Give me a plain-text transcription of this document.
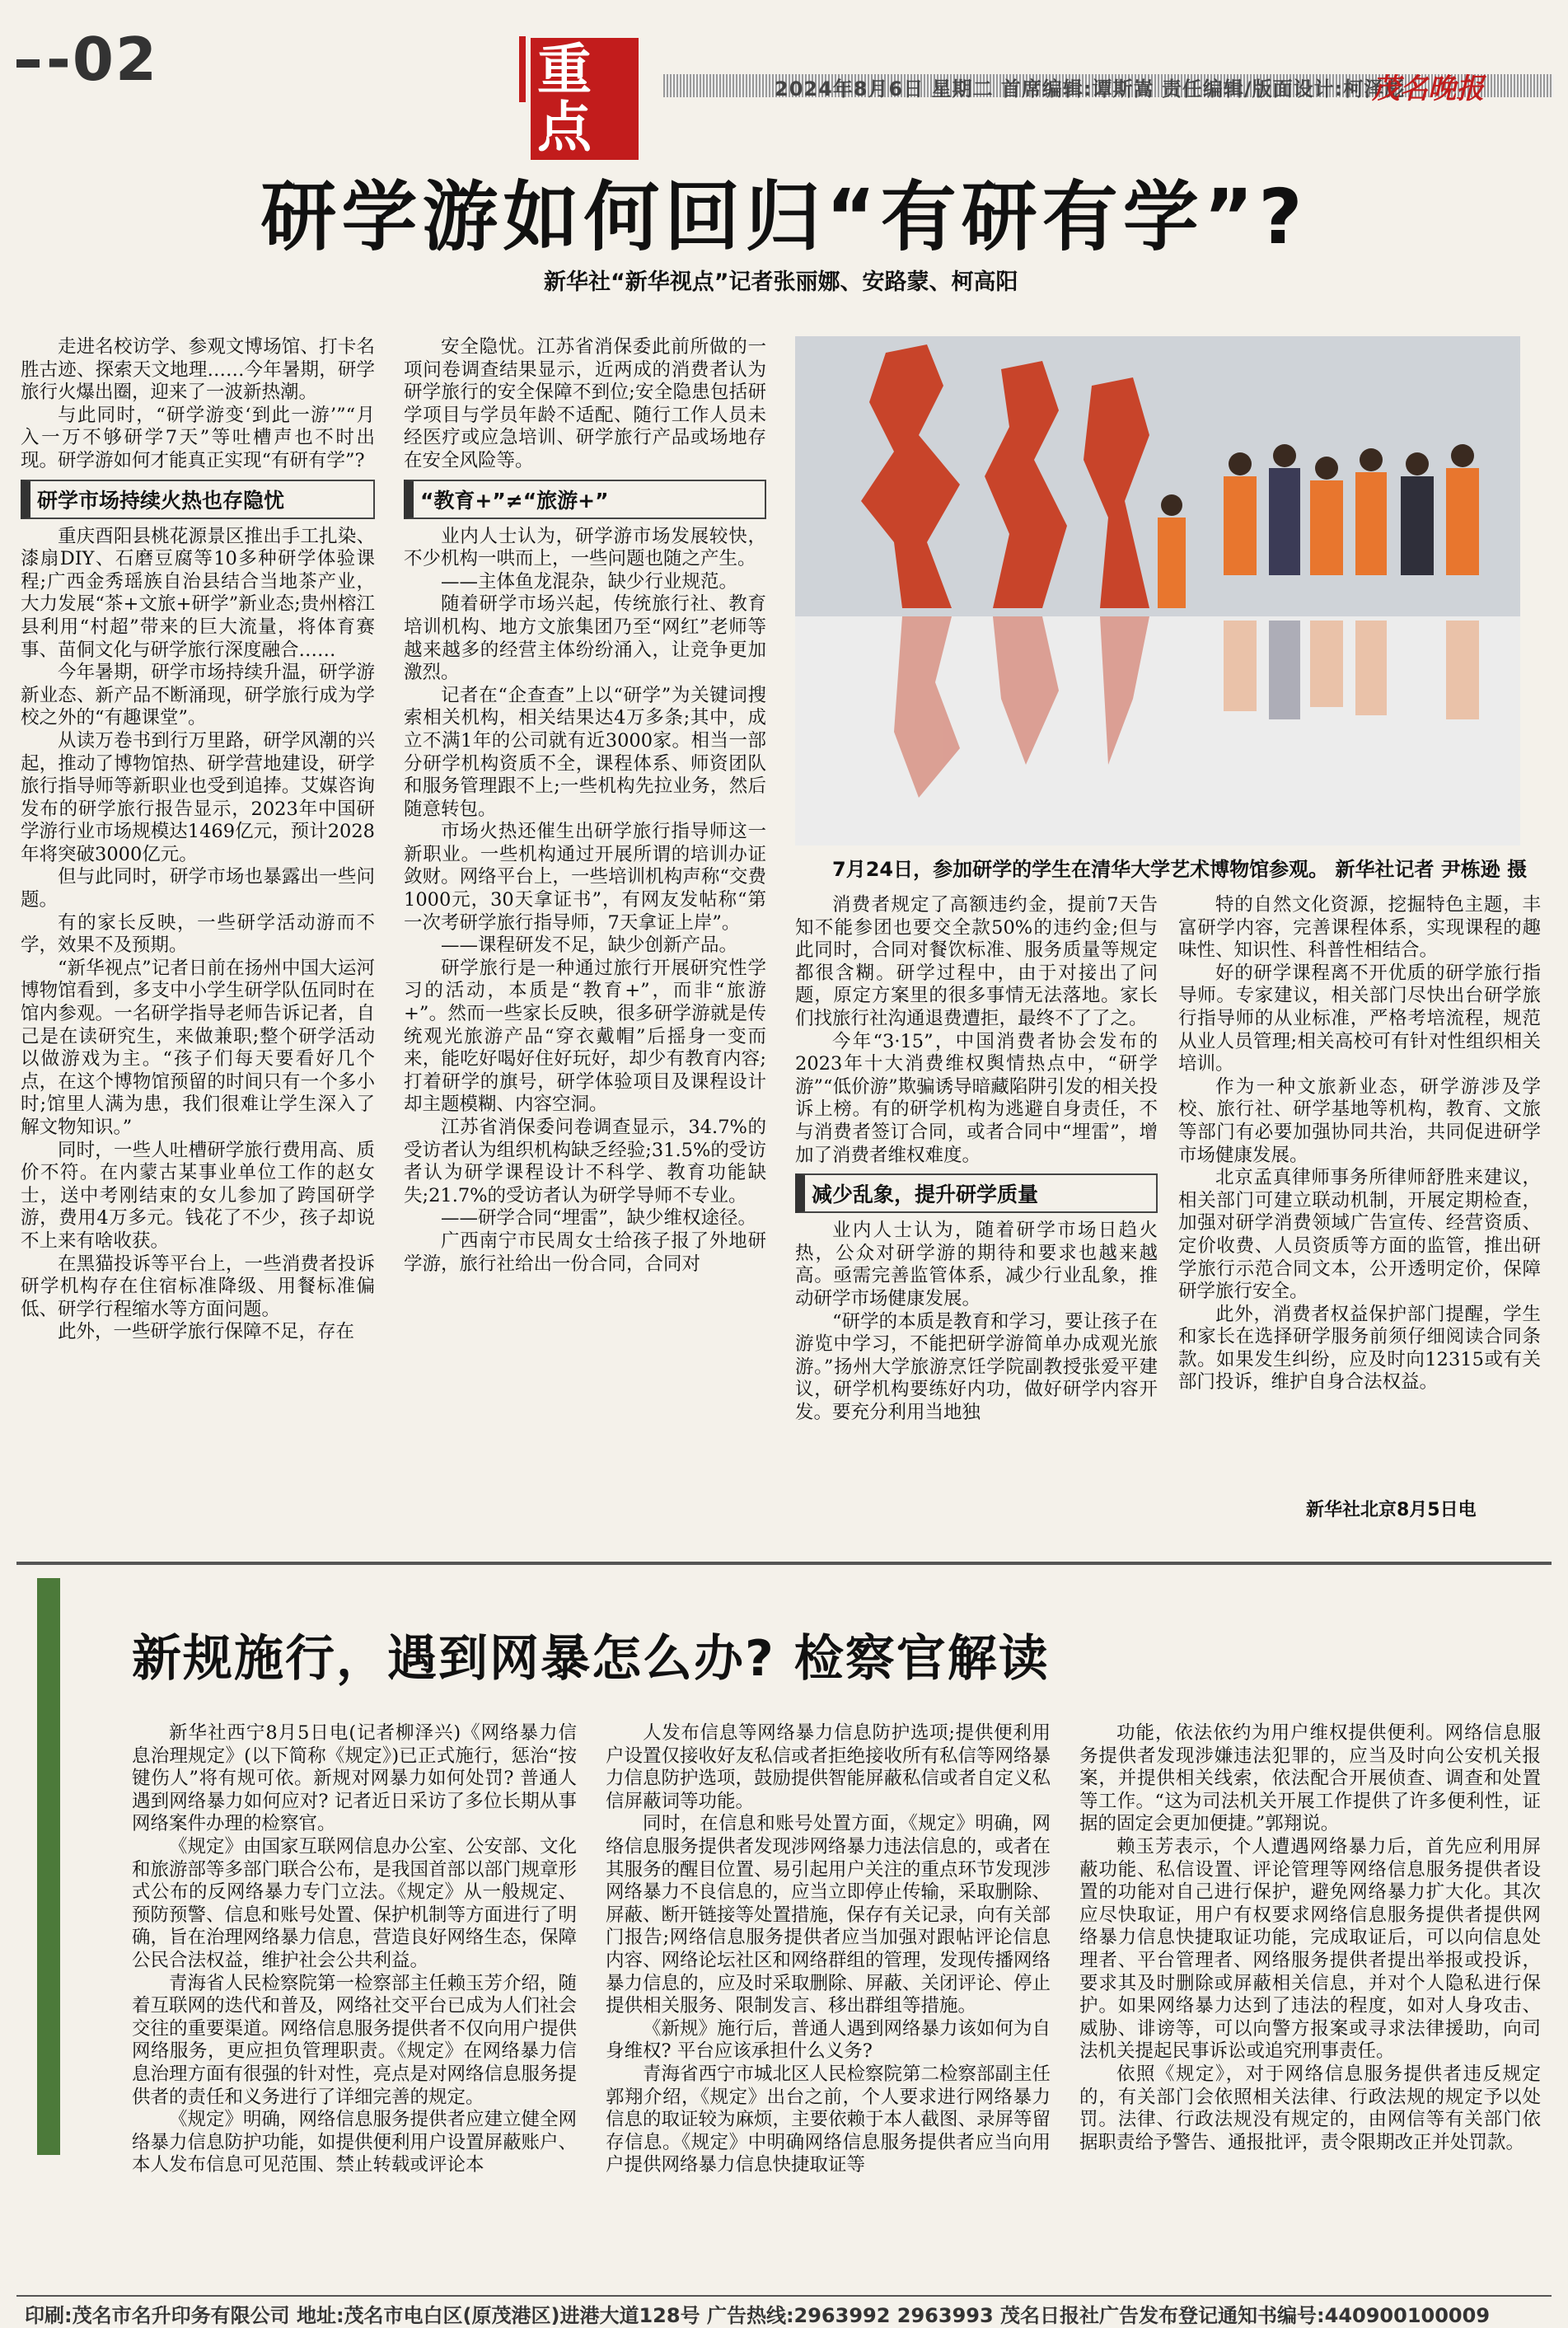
-02	重点
2024年8月6日 星期二 首席编辑:谭斯嵩 责任编辑/版面设计:柯泽彪
茂名晚报
研学游如何回归“有研有学”?
新华社“新华视点”记者张丽娜、安路蒙、柯高阳

走进名校访学、参观文博场馆、打卡名胜古迹、探索天文地理……今年暑期，研学旅行火爆出圈，迎来了一波新热潮。

与此同时，“研学游变‘到此一游’”“月入一万不够研学7天”等吐槽声也不时出现。研学游如何才能真正实现“有研有学”?

研学市场持续火热也存隐忧

重庆酉阳县桃花源景区推出手工扎染、漆扇DIY、石磨豆腐等10多种研学体验课程;广西金秀瑶族自治县结合当地茶产业，大力发展“茶+文旅+研学”新业态;贵州榕江县利用“村超”带来的巨大流量，将体育赛事、苗侗文化与研学旅行深度融合……

今年暑期，研学市场持续升温，研学游新业态、新产品不断涌现，研学旅行成为学校之外的“有趣课堂”。

从读万卷书到行万里路，研学风潮的兴起，推动了博物馆热、研学营地建设，研学旅行指导师等新职业也受到追捧。艾媒咨询发布的研学旅行报告显示，2023年中国研学游行业市场规模达1469亿元，预计2028年将突破3000亿元。

但与此同时，研学市场也暴露出一些问题。

有的家长反映，一些研学活动游而不学，效果不及预期。

“新华视点”记者日前在扬州中国大运河博物馆看到，多支中小学生研学队伍同时在馆内参观。一名研学指导老师告诉记者，自己是在读研究生，来做兼职;整个研学活动以做游戏为主。“孩子们每天要看好几个点，在这个博物馆预留的时间只有一个多小时;馆里人满为患，我们很难让学生深入了解文物知识。”

同时，一些人吐槽研学旅行费用高、质价不符。在内蒙古某事业单位工作的赵女士，送中考刚结束的女儿参加了跨国研学游，费用4万多元。钱花了不少，孩子却说不上来有啥收获。

在黑猫投诉等平台上，一些消费者投诉研学机构存在住宿标准降级、用餐标准偏低、研学行程缩水等方面问题。

此外，一些研学旅行保障不足，存在

安全隐忧。江苏省消保委此前所做的一项问卷调查结果显示，近两成的消费者认为研学旅行的安全保障不到位;安全隐患包括研学项目与学员年龄不适配、随行工作人员未经医疗或应急培训、研学旅行产品或场地存在安全风险等。

“教育+”≠“旅游+”

业内人士认为，研学游市场发展较快，不少机构一哄而上，一些问题也随之产生。

——主体鱼龙混杂，缺少行业规范。

随着研学市场兴起，传统旅行社、教育培训机构、地方文旅集团乃至“网红”老师等越来越多的经营主体纷纷涌入，让竞争更加激烈。

记者在“企查查”上以“研学”为关键词搜索相关机构，相关结果达4万多条;其中，成立不满1年的公司就有近3000家。相当一部分研学机构资质不全，课程体系、师资团队和服务管理跟不上;一些机构先拉业务，然后随意转包。

市场火热还催生出研学旅行指导师这一新职业。一些机构通过开展所谓的培训办证敛财。网络平台上，一些培训机构声称“交费1000元，30天拿证书”，有网友发帖称“第一次考研学旅行指导师，7天拿证上岸”。

——课程研发不足，缺少创新产品。

研学旅行是一种通过旅行开展研究性学习的活动，本质是“教育+”，而非“旅游+”。然而一些家长反映，很多研学游就是传统观光旅游产品“穿衣戴帽”后摇身一变而来，能吃好喝好住好玩好，却少有教育内容;打着研学的旗号，研学体验项目及课程设计却主题模糊、内容空洞。

江苏省消保委问卷调查显示，34.7%的受访者认为组织机构缺乏经验;31.5%的受访者认为研学课程设计不科学、教育功能缺失;21.7%的受访者认为研学导师不专业。

——研学合同“埋雷”，缺少维权途径。

广西南宁市民周女士给孩子报了外地研学游，旅行社给出一份合同，合同对

7月24日，参加研学的学生在清华大学艺术博物馆参观。 新华社记者 尹栋逊 摄

消费者规定了高额违约金，提前7天告知不能参团也要交全款50%的违约金;但与此同时，合同对餐饮标准、服务质量等规定都很含糊。研学过程中，由于对接出了问题，原定方案里的很多事情无法落地。家长们找旅行社沟通退费遭拒，最终不了了之。

今年“3·15”，中国消费者协会发布的2023年十大消费维权舆情热点中，“研学游”“低价游”欺骗诱导暗藏陷阱引发的相关投诉上榜。有的研学机构为逃避自身责任，不与消费者签订合同，或者合同中“埋雷”，增加了消费者维权难度。

减少乱象，提升研学质量

业内人士认为，随着研学市场日趋火热，公众对研学游的期待和要求也越来越高。亟需完善监管体系，减少行业乱象，推动研学市场健康发展。

“研学的本质是教育和学习，要让孩子在游览中学习，不能把研学游简单办成观光旅游。”扬州大学旅游烹饪学院副教授张爱平建议，研学机构要练好内功，做好研学内容开发。要充分利用当地独

特的自然文化资源，挖掘特色主题，丰富研学内容，完善课程体系，实现课程的趣味性、知识性、科普性相结合。

好的研学课程离不开优质的研学旅行指导师。专家建议，相关部门尽快出台研学旅行指导师的从业标准，严格考培流程，规范从业人员管理;相关高校可有针对性组织相关培训。

作为一种文旅新业态，研学游涉及学校、旅行社、研学基地等机构，教育、文旅等部门有必要加强协同共治，共同促进研学市场健康发展。

北京孟真律师事务所律师舒胜来建议，相关部门可建立联动机制，开展定期检查，加强对研学消费领域广告宣传、经营资质、定价收费、人员资质等方面的监管，推出研学旅行示范合同文本，公开透明定价，保障研学旅行安全。

此外，消费者权益保护部门提醒，学生和家长在选择研学服务前须仔细阅读合同条款。如果发生纠纷，应及时向12315或有关部门投诉，维护自身合法权益。

新华社北京8月5日电
新规施行，遇到网暴怎么办? 检察官解读

新华社西宁8月5日电(记者柳泽兴)《网络暴力信息治理规定》(以下简称《规定》)已正式施行，惩治“按键伤人”将有规可依。新规对网暴力如何处罚? 普通人遇到网络暴力如何应对? 记者近日采访了多位长期从事网络案件办理的检察官。

《规定》由国家互联网信息办公室、公安部、文化和旅游部等多部门联合公布，是我国首部以部门规章形式公布的反网络暴力专门立法。《规定》从一般规定、预防预警、信息和账号处置、保护机制等方面进行了明确，旨在治理网络暴力信息，营造良好网络生态，保障公民合法权益，维护社会公共利益。

青海省人民检察院第一检察部主任赖玉芳介绍，随着互联网的迭代和普及，网络社交平台已成为人们社会交往的重要渠道。网络信息服务提供者不仅向用户提供网络服务，更应担负管理职责。《规定》在网络暴力信息治理方面有很强的针对性，亮点是对网络信息服务提供者的责任和义务进行了详细完善的规定。

《规定》明确，网络信息服务提供者应建立健全网络暴力信息防护功能，如提供便利用户设置屏蔽账户、本人发布信息可见范围、禁止转载或评论本

人发布信息等网络暴力信息防护选项;提供便利用户设置仅接收好友私信或者拒绝接收所有私信等网络暴力信息防护选项，鼓励提供智能屏蔽私信或者自定义私信屏蔽词等功能。

同时，在信息和账号处置方面，《规定》明确，网络信息服务提供者发现涉网络暴力违法信息的，或者在其服务的醒目位置、易引起用户关注的重点环节发现涉网络暴力不良信息的，应当立即停止传输，采取删除、屏蔽、断开链接等处置措施，保存有关记录，向有关部门报告;网络信息服务提供者应当加强对跟帖评论信息内容、网络论坛社区和网络群组的管理，发现传播网络暴力信息的，应及时采取删除、屏蔽、关闭评论、停止提供相关服务、限制发言、移出群组等措施。

《新规》施行后，普通人遇到网络暴力该如何为自身维权? 平台应该承担什么义务?

青海省西宁市城北区人民检察院第二检察部副主任郭翔介绍，《规定》出台之前，个人要求进行网络暴力信息的取证较为麻烦，主要依赖于本人截图、录屏等留存信息。《规定》中明确网络信息服务提供者应当向用户提供网络暴力信息快捷取证等

功能，依法依约为用户维权提供便利。网络信息服务提供者发现涉嫌违法犯罪的，应当及时向公安机关报案，并提供相关线索，依法配合开展侦查、调查和处置等工作。“这为司法机关开展工作提供了许多便利性，证据的固定会更加便捷。”郭翔说。

赖玉芳表示，个人遭遇网络暴力后，首先应利用屏蔽功能、私信设置、评论管理等网络信息服务提供者设置的功能对自己进行保护，避免网络暴力扩大化。其次应尽快取证，用户有权要求网络信息服务提供者提供网络暴力信息快捷取证功能，完成取证后，可以向信息处理者、平台管理者、网络服务提供者提出举报或投诉，要求其及时删除或屏蔽相关信息，并对个人隐私进行保护。如果网络暴力达到了违法的程度，如对人身攻击、威胁、诽谤等，可以向警方报案或寻求法律援助，向司法机关提起民事诉讼或追究刑事责任。

依照《规定》，对于网络信息服务提供者违反规定的，有关部门会依照相关法律、行政法规的规定予以处罚。法律、行政法规没有规定的，由网信等有关部门依据职责给予警告、通报批评，责令限期改正并处罚款。

印刷:茂名市名升印务有限公司 地址:茂名市电白区(原茂港区)进港大道128号 广告热线:2963992 2963993 茂名日报社广告发布登记通知书编号:440900100009
